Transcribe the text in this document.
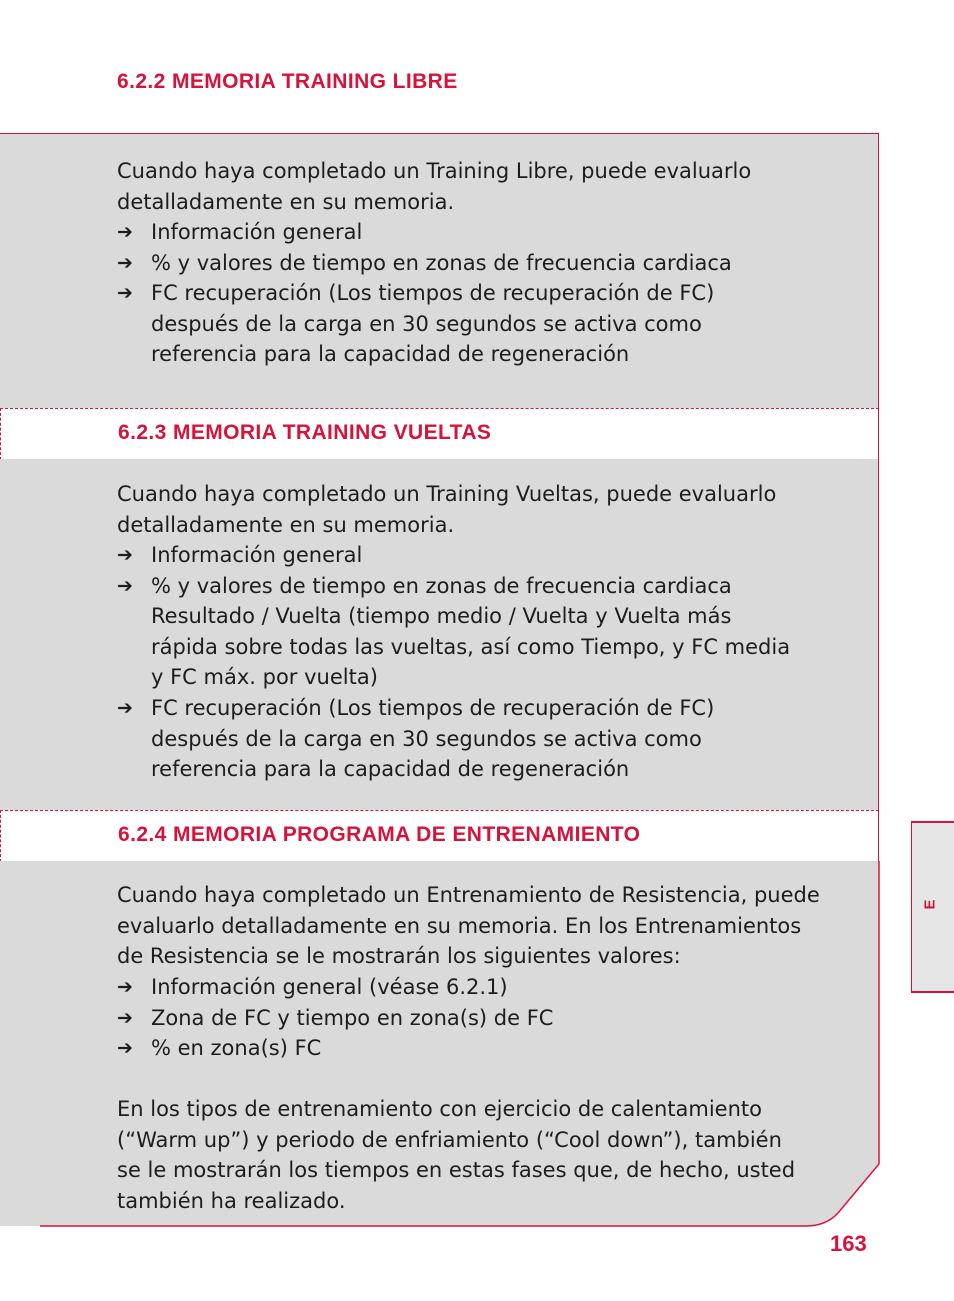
6.2.2 MEMORIA TRAINING LIBRE
Cuando haya completado un Training Libre, puede evaluarlo
detalladamente en su memoria.
➔ Información general
➔ % y valores de tiempo en zonas de frecuencia cardiaca
➔ FC recuperación (Los tiempos de recuperación de FC)
después de la carga en 30 segundos se activa como
referencia para la capacidad de regeneración
6.2.3 MEMORIA TRAINING VUELTAS
Cuando haya completado un Training Vueltas, puede evaluarlo
detalladamente en su memoria.
➔ Información general
➔ % y valores de tiempo en zonas de frecuencia cardiaca
Resultado / Vuelta (tiempo medio / Vuelta y Vuelta más
rápida sobre todas las vueltas, así como Tiempo, y FC media
y FC máx. por vuelta)
➔ FC recuperación (Los tiempos de recuperación de FC)
después de la carga en 30 segundos se activa como
referencia para la capacidad de regeneración
6.2.4 MEMORIA PROGRAMA DE ENTRENAMIENTO
Cuando haya completado un Entrenamiento de Resistencia, puede
evaluarlo detalladamente en su memoria. En los Entrenamientos
de Resistencia se le mostrarán los siguientes valores:
➔ Información general (véase 6.2.1)
➔ Zona de FC y tiempo en zona(s) de FC
➔ % en zona(s) FC
En los tipos de entrenamiento con ejercicio de calentamiento
(“Warm up”) y periodo de enfriamiento (“Cool down”), también
se le mostrarán los tiempos en estas fases que, de hecho, usted
también ha realizado.
E
163
